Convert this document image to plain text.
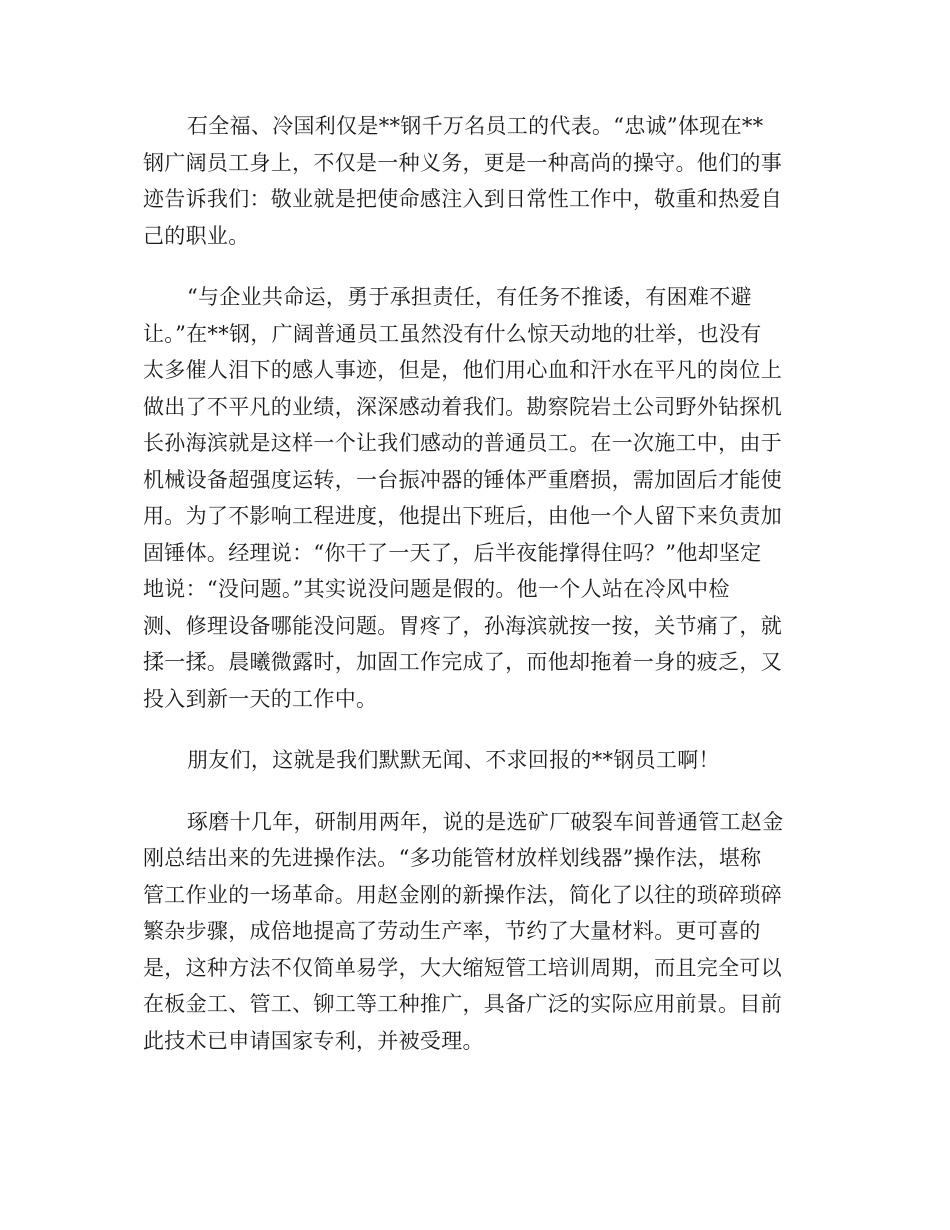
石全福、冷国利仅是**钢千万名员工的代表。“忠诚”体现在**
钢广阔员工身上，不仅是一种义务，更是一种高尚的操守。他们的事
迹告诉我们：敬业就是把使命感注入到日常性工作中，敬重和热爱自
己的职业。
“与企业共命运，勇于承担责任，有任务不推诿，有困难不避
让。”在**钢，广阔普通员工虽然没有什么惊天动地的壮举，也没有
太多催人泪下的感人事迹，但是，他们用心血和汗水在平凡的岗位上
做出了不平凡的业绩，深深感动着我们。勘察院岩土公司野外钻探机
长孙海滨就是这样一个让我们感动的普通员工。在一次施工中，由于
机械设备超强度运转，一台振冲器的锤体严重磨损，需加固后才能使
用。为了不影响工程进度，他提出下班后，由他一个人留下来负责加
固锤体。经理说：“你干了一天了，后半夜能撑得住吗？”他却坚定
地说：“没问题。”其实说没问题是假的。他一个人站在冷风中检
测、修理设备哪能没问题。胃疼了，孙海滨就按一按，关节痛了，就
揉一揉。晨曦微露时，加固工作完成了，而他却拖着一身的疲乏，又
投入到新一天的工作中。
朋友们，这就是我们默默无闻、不求回报的**钢员工啊！
琢磨十几年，研制用两年，说的是选矿厂破裂车间普通管工赵金
刚总结出来的先进操作法。“多功能管材放样划线器”操作法，堪称
管工作业的一场革命。用赵金刚的新操作法，简化了以往的琐碎琐碎
繁杂步骤，成倍地提高了劳动生产率，节约了大量材料。更可喜的
是，这种方法不仅简单易学，大大缩短管工培训周期，而且完全可以
在板金工、管工、铆工等工种推广，具备广泛的实际应用前景。目前
此技术已申请国家专利，并被受理。
